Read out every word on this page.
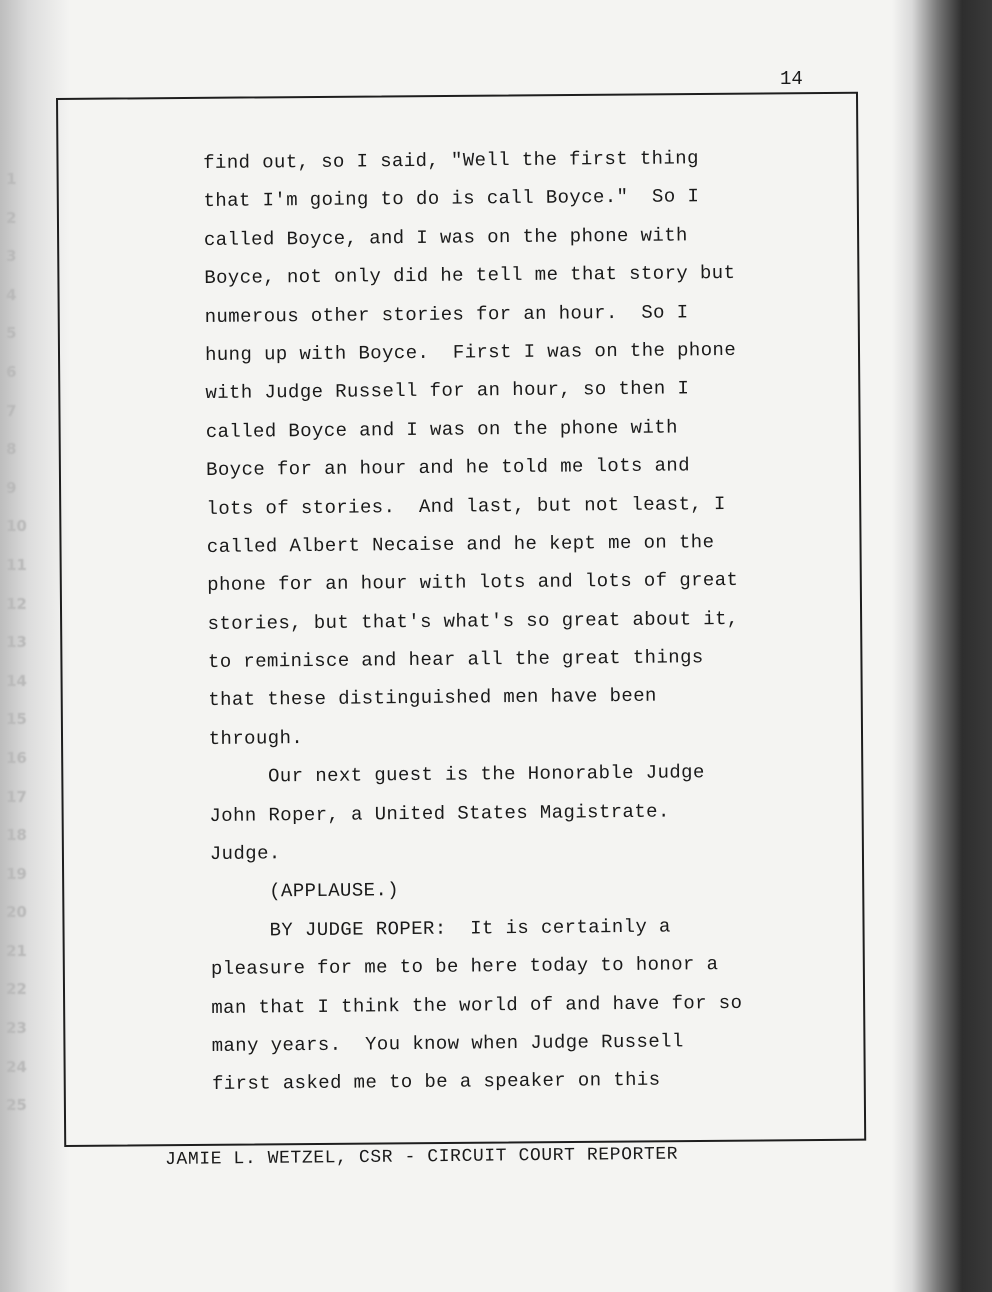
14
1
2
3
4
5
6
7
8
9
10
11
12
13
14
15
16
17
18
19
20
21
22
23
24
25
find out, so I said, "Well the first thing
that I'm going to do is call Boyce."  So I
called Boyce, and I was on the phone with
Boyce, not only did he tell me that story but
numerous other stories for an hour.  So I
hung up with Boyce.  First I was on the phone
with Judge Russell for an hour, so then I
called Boyce and I was on the phone with
Boyce for an hour and he told me lots and
lots of stories.  And last, but not least, I
called Albert Necaise and he kept me on the
phone for an hour with lots and lots of great
stories, but that's what's so great about it,
to reminisce and hear all the great things
that these distinguished men have been
through.
Our next guest is the Honorable Judge
John Roper, a United States Magistrate.
Judge.
(APPLAUSE.)
BY JUDGE ROPER:  It is certainly a
pleasure for me to be here today to honor a
man that I think the world of and have for so
many years.  You know when Judge Russell
first asked me to be a speaker on this
JAMIE L. WETZEL, CSR - CIRCUIT COURT REPORTER
